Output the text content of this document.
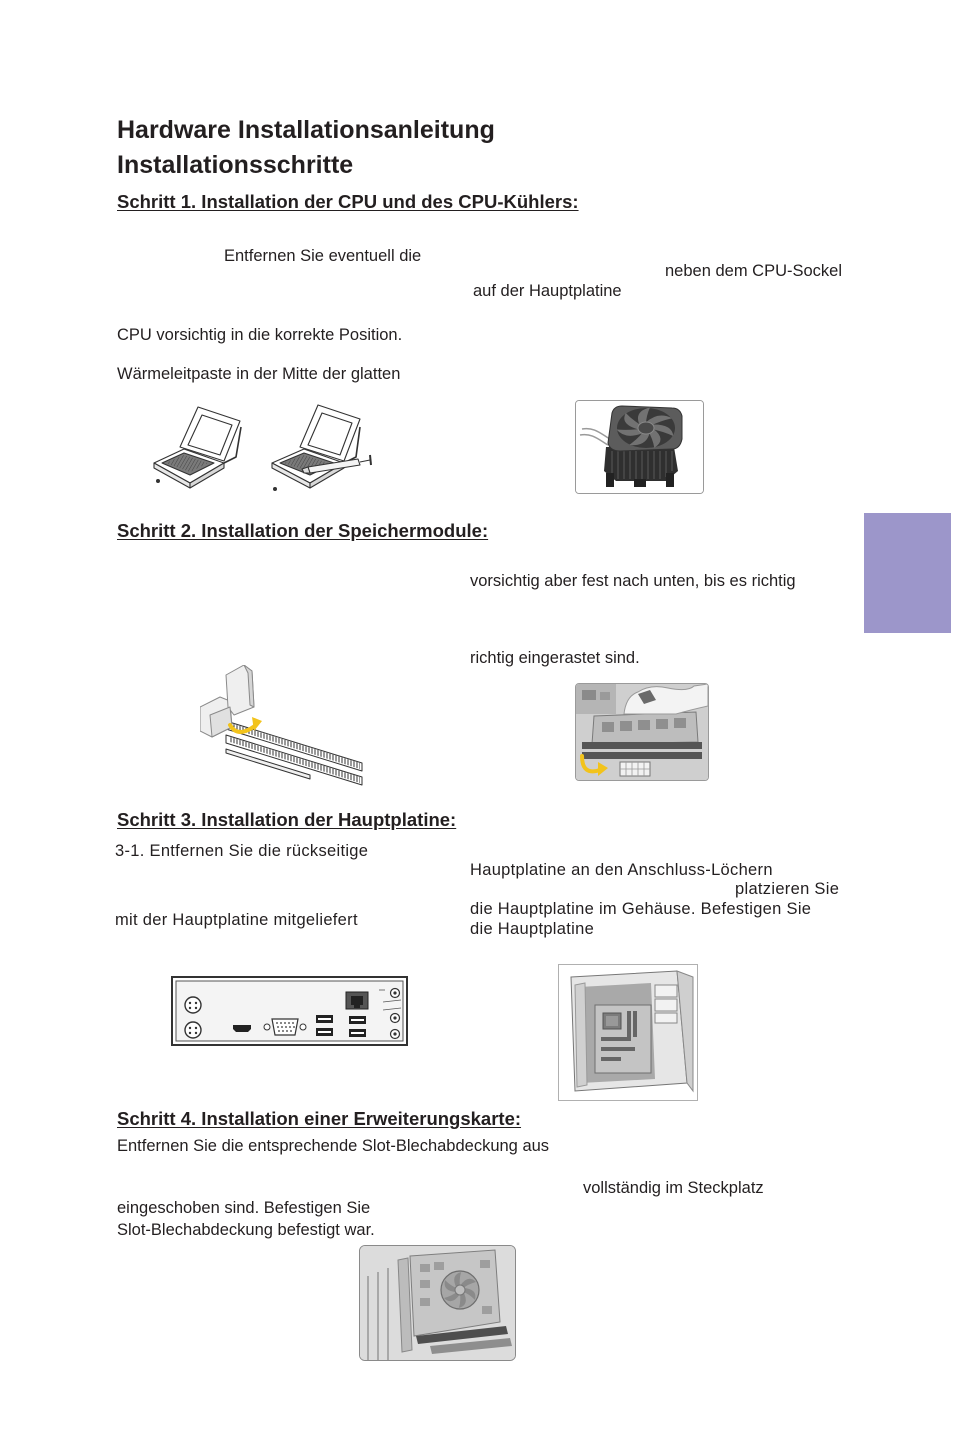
Hardware Installationsanleitung
Installationsschritte
Schritt 1. Installation der CPU und des CPU-Kühlers:
Entfernen Sie eventuell die
neben dem CPU-Sockel
auf der Hauptplatine
CPU vorsichtig in die korrekte Position.
Wärmeleitpaste in der Mitte der glatten
Schritt 2. Installation der Speichermodule:
vorsichtig aber fest nach unten, bis es richtig
richtig eingerastet sind.
Schritt 3. Installation der Hauptplatine:
3-1. Entfernen Sie die rückseitige
Hauptplatine an den Anschluss-Löchern
platzieren Sie
die Hauptplatine im Gehäuse. Befestigen Sie
mit der Hauptplatine mitgeliefert	die Hauptplatine
Schritt 4. Installation einer Erweiterungskarte:
Entfernen Sie die entsprechende Slot-Blechabdeckung aus
vollständig im Steckplatz
eingeschoben sind. Befestigen Sie
Slot-Blechabdeckung befestigt war.
